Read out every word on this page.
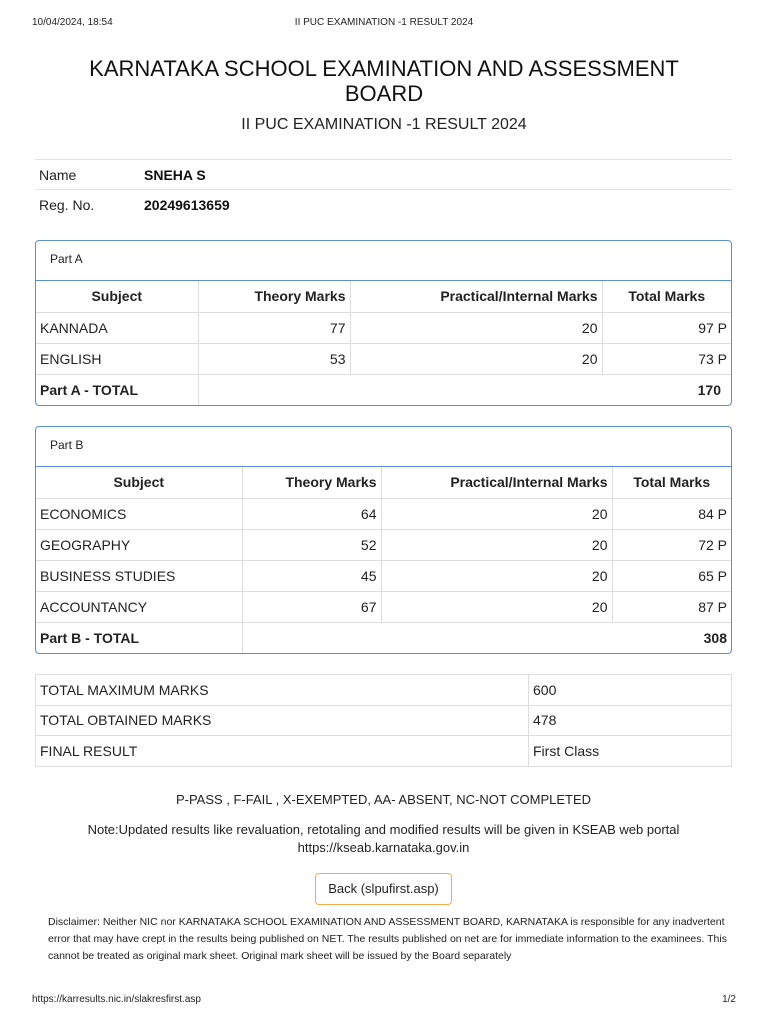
10/04/2024, 18:54	II PUC EXAMINATION -1 RESULT 2024
KARNATAKA SCHOOL EXAMINATION AND ASSESSMENT BOARD
II PUC EXAMINATION -1 RESULT 2024
Name	SNEHA S
Reg. No.	20249613659
Part A
Subject	Theory Marks	Practical/Internal Marks	Total Marks
KANNADA	77	20	97 P
ENGLISH	53	20	73 P
Part A - TOTAL	170		
Part B
Subject	Theory Marks	Practical/Internal Marks	Total Marks
ECONOMICS	64	20	84 P
GEOGRAPHY	52	20	72 P
BUSINESS STUDIES	45	20	65 P
ACCOUNTANCY	67	20	87 P
Part B - TOTAL	308		
TOTAL MAXIMUM MARKS	600
TOTAL OBTAINED MARKS	478
FINAL RESULT	First Class
P-PASS , F-FAIL , X-EXEMPTED, AA- ABSENT, NC-NOT COMPLETED
Note:Updated results like revaluation, retotaling and modified results will be given in KSEAB web portal
https://kseab.karnataka.gov.in
Back (slpufirst.asp)
Disclaimer: Neither NIC nor KARNATAKA SCHOOL EXAMINATION AND ASSESSMENT BOARD, KARNATAKA is responsible for any inadvertent error that may have crept in the results being published on NET. The results published on net are for immediate information to the examinees. This cannot be treated as original mark sheet. Original mark sheet will be issued by the Board separately
https://karresults.nic.in/slakresfirst.asp	1/2
